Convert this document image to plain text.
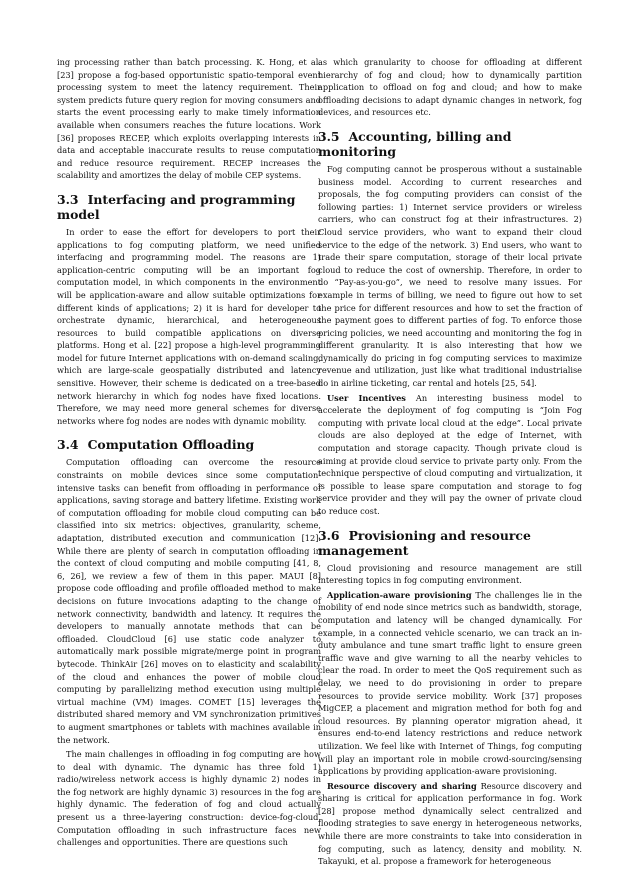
ing processing rather than batch processing. K. Hong, et al. [23] propose a fog-based opportunistic spatio-temporal event processing system to meet the latency requirement. Their system predicts future query region for moving consumers and starts the event processing early to make timely information available when consumers reaches the future locations. Work [36] proposes RECEP, which exploits overlapping interests in data and acceptable inaccurate results to reuse computation and reduce resource requirement. RECEP increases the scalability and amortizes the delay of mobile CEP systems.

3.3 Interfacing and programming model

In order to ease the effort for developers to port their applications to fog computing platform, we need unified interfacing and programming model. The reasons are 1) application-centric computing will be an important fog computation model, in which components in the environment will be application-aware and allow suitable optimizations for different kinds of applications; 2) it is hard for developer to orchestrate dynamic, hierarchical, and heterogeneous resources to build compatible applications on diverse platforms. Hong et al. [22] propose a high-level programming model for future Internet applications with on-demand scaling, which are large-scale geospatially distributed and latency sensitive. However, their scheme is dedicated on a tree-based network hierarchy in which fog nodes have fixed locations. Therefore, we may need more general schemes for diverse networks where fog nodes are nodes with dynamic mobility.

3.4 Computation Offloading

Computation offloading can overcome the resource constraints on mobile devices since some computation-intensive tasks can benefit from offloading in performance of applications, saving storage and battery lifetime. Existing work of computation offloading for mobile cloud computing can be classified into six metrics: objectives, granularity, scheme, adaptation, distributed execution and communication [12]. While there are plenty of search in computation offloading in the context of cloud computing and mobile computing [41, 8, 6, 26], we review a few of them in this paper. MAUI [8] propose code offloading and profile offloaded method to make decisions on future invocations adapting to the change of network connectivity, bandwidth and latency. It requires the developers to manually annotate methods that can be offloaded. CloudCloud [6] use static code analyzer to automatically mark possible migrate/merge point in program bytecode. ThinkAir [26] moves on to elasticity and scalability of the cloud and enhances the power of mobile cloud computing by parallelizing method execution using multiple virtual machine (VM) images. COMET [15] leverages the distributed shared memory and VM synchronization primitives to augment smartphones or tablets with machines available in the network.

The main challenges in offloading in fog computing are how to deal with dynamic. The dynamic has three fold 1) radio/wireless network access is highly dynamic 2) nodes in the fog network are highly dynamic 3) resources in the fog are highly dynamic. The federation of fog and cloud actually present us a three-layering construction: device-fog-cloud. Computation offloading in such infrastructure faces new challenges and opportunities. There are questions such

as which granularity to choose for offloading at different hierarchy of fog and cloud; how to dynamically partition application to offload on fog and cloud; and how to make offloading decisions to adapt dynamic changes in network, fog devices, and resources etc.

3.5 Accounting, billing and monitoring

Fog computing cannot be prosperous without a sustainable business model. According to current researches and proposals, the fog computing providers can consist of the following parties: 1) Internet service providers or wireless carriers, who can construct fog at their infrastructures. 2) Cloud service providers, who want to expand their cloud service to the edge of the network. 3) End users, who want to trade their spare computation, storage of their local private cloud to reduce the cost of ownership. Therefore, in order to do “Pay-as-you-go”, we need to resolve many issues. For example in terms of billing, we need to figure out how to set the price for different resources and how to set the fraction of the payment goes to different parties of fog. To enforce those pricing policies, we need accounting and monitoring the fog in different granularity. It is also interesting that how we dynamically do pricing in fog computing services to maximize revenue and utilization, just like what traditional industrialise do in airline ticketing, car rental and hotels [25, 54].

User Incentives An interesting business model to accelerate the deployment of fog computing is “Join Fog computing with private local cloud at the edge”. Local private clouds are also deployed at the edge of Internet, with computation and storage capacity. Though private cloud is aiming at provide cloud service to private party only. From the technique perspective of cloud computing and virtualization, it is possible to lease spare computation and storage to fog service provider and they will pay the owner of private cloud to reduce cost.

3.6 Provisioning and resource management

Cloud provisioning and resource management are still interesting topics in fog computing environment.

Application-aware provisioning The challenges lie in the mobility of end node since metrics such as bandwidth, storage, computation and latency will be changed dynamically. For example, in a connected vehicle scenario, we can track an in-duty ambulance and tune smart traffic light to ensure green traffic wave and give warning to all the nearby vehicles to clear the road. In order to meet the QoS requirement such as delay, we need to do provisioning in order to prepare resources to provide service mobility. Work [37] proposes MigCEP, a placement and migration method for both fog and cloud resources. By planning operator migration ahead, it ensures end-to-end latency restrictions and reduce network utilization. We feel like with Internet of Things, fog computing will play an important role in mobile crowd-sourcing/sensing applications by providing application-aware provisioning.

Resource discovery and sharing Resource discovery and sharing is critical for application performance in fog. Work [28] propose method dynamically select centralized and flooding strategies to save energy in heterogeneous networks, while there are more constraints to take into consideration in fog computing, such as latency, density and mobility. N. Takayuki, et al. propose a framework for heterogeneous
